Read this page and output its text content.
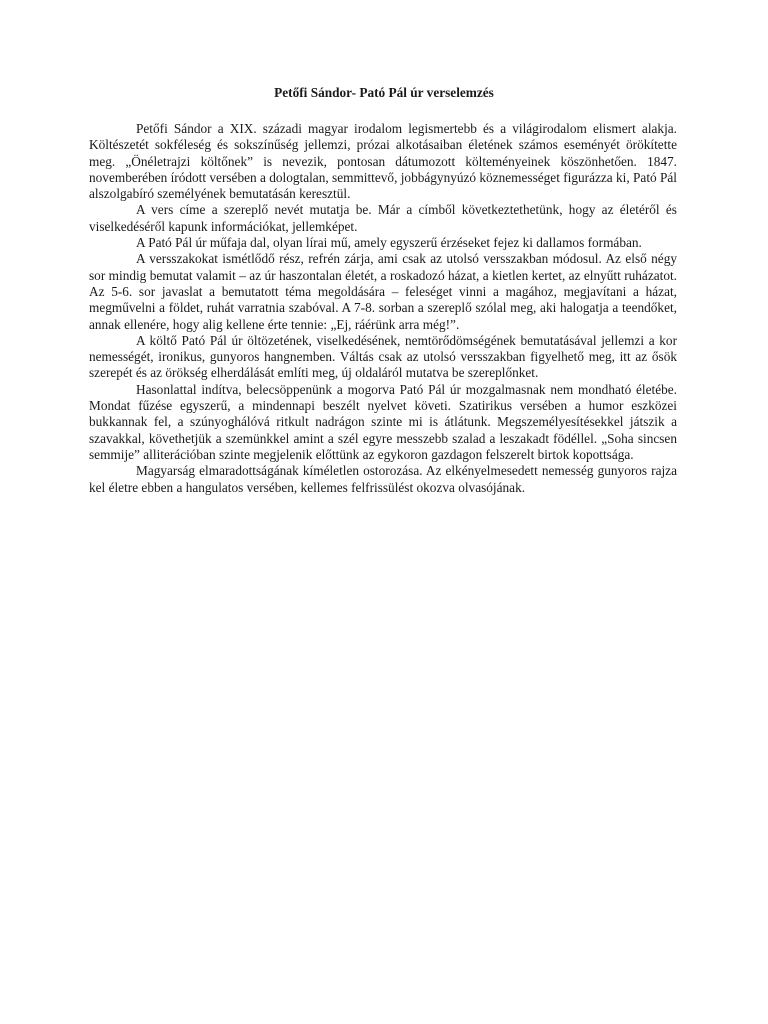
Petőfi Sándor- Pató Pál úr verselemzés

Petőfi Sándor a XIX. századi magyar irodalom legismertebb és a világirodalom elismert alakja. Költészetét sokféleség és sokszínűség jellemzi, prózai alkotásaiban életének számos eseményét örökítette meg. „Önéletrajzi költőnek” is nevezik, pontosan dátumozott költeményeinek köszönhetően. 1847. novemberében íródott versében a dologtalan, semmittevő, jobbágynyúzó köznemességet figurázza ki, Pató Pál alszolgabíró személyének bemutatásán keresztül.

A vers címe a szereplő nevét mutatja be. Már a címből következtethetünk, hogy az életéről és viselkedéséről kapunk információkat, jellemképet.

A Pató Pál úr műfaja dal, olyan lírai mű, amely egyszerű érzéseket fejez ki dallamos formában.

A versszakokat ismétlődő rész, refrén zárja, ami csak az utolsó versszakban módosul. Az első négy sor mindig bemutat valamit – az úr haszontalan életét, a roskadozó házat, a kietlen kertet, az elnyűtt ruházatot. Az 5-6. sor javaslat a bemutatott téma megoldására – feleséget vinni a magához, megjavítani a házat, megművelni a földet, ruhát varratnia szabóval. A 7-8. sorban a szereplő szólal meg, aki halogatja a teendőket, annak ellenére, hogy alig kellene érte tennie: „Ej, ráérünk arra még!”.

A költő Pató Pál úr öltözetének, viselkedésének, nemtörődömségének bemutatásával jellemzi a kor nemességét, ironikus, gunyoros hangnemben. Váltás csak az utolsó versszakban figyelhető meg, itt az ősök szerepét és az örökség elherdálását említi meg, új oldaláról mutatva be szereplőnket.

Hasonlattal indítva, belecsöppenünk a mogorva Pató Pál úr mozgalmasnak nem mondható életébe. Mondat fűzése egyszerű, a mindennapi beszélt nyelvet követi. Szatirikus versében a humor eszközei bukkannak fel, a szúnyoghálóvá ritkult nadrágon szinte mi is átlátunk. Megszemélyesítésekkel játszik a szavakkal, követhetjük a szemünkkel amint a szél egyre messzebb szalad a leszakadt födéllel. „Soha sincsen semmije” alliterációban szinte megjelenik előttünk az egykoron gazdagon felszerelt birtok kopottsága.

Magyarság elmaradottságának kíméletlen ostorozása. Az elkényelmesedett nemesség gunyoros rajza kel életre ebben a hangulatos versében, kellemes felfrissülést okozva olvasójának.
